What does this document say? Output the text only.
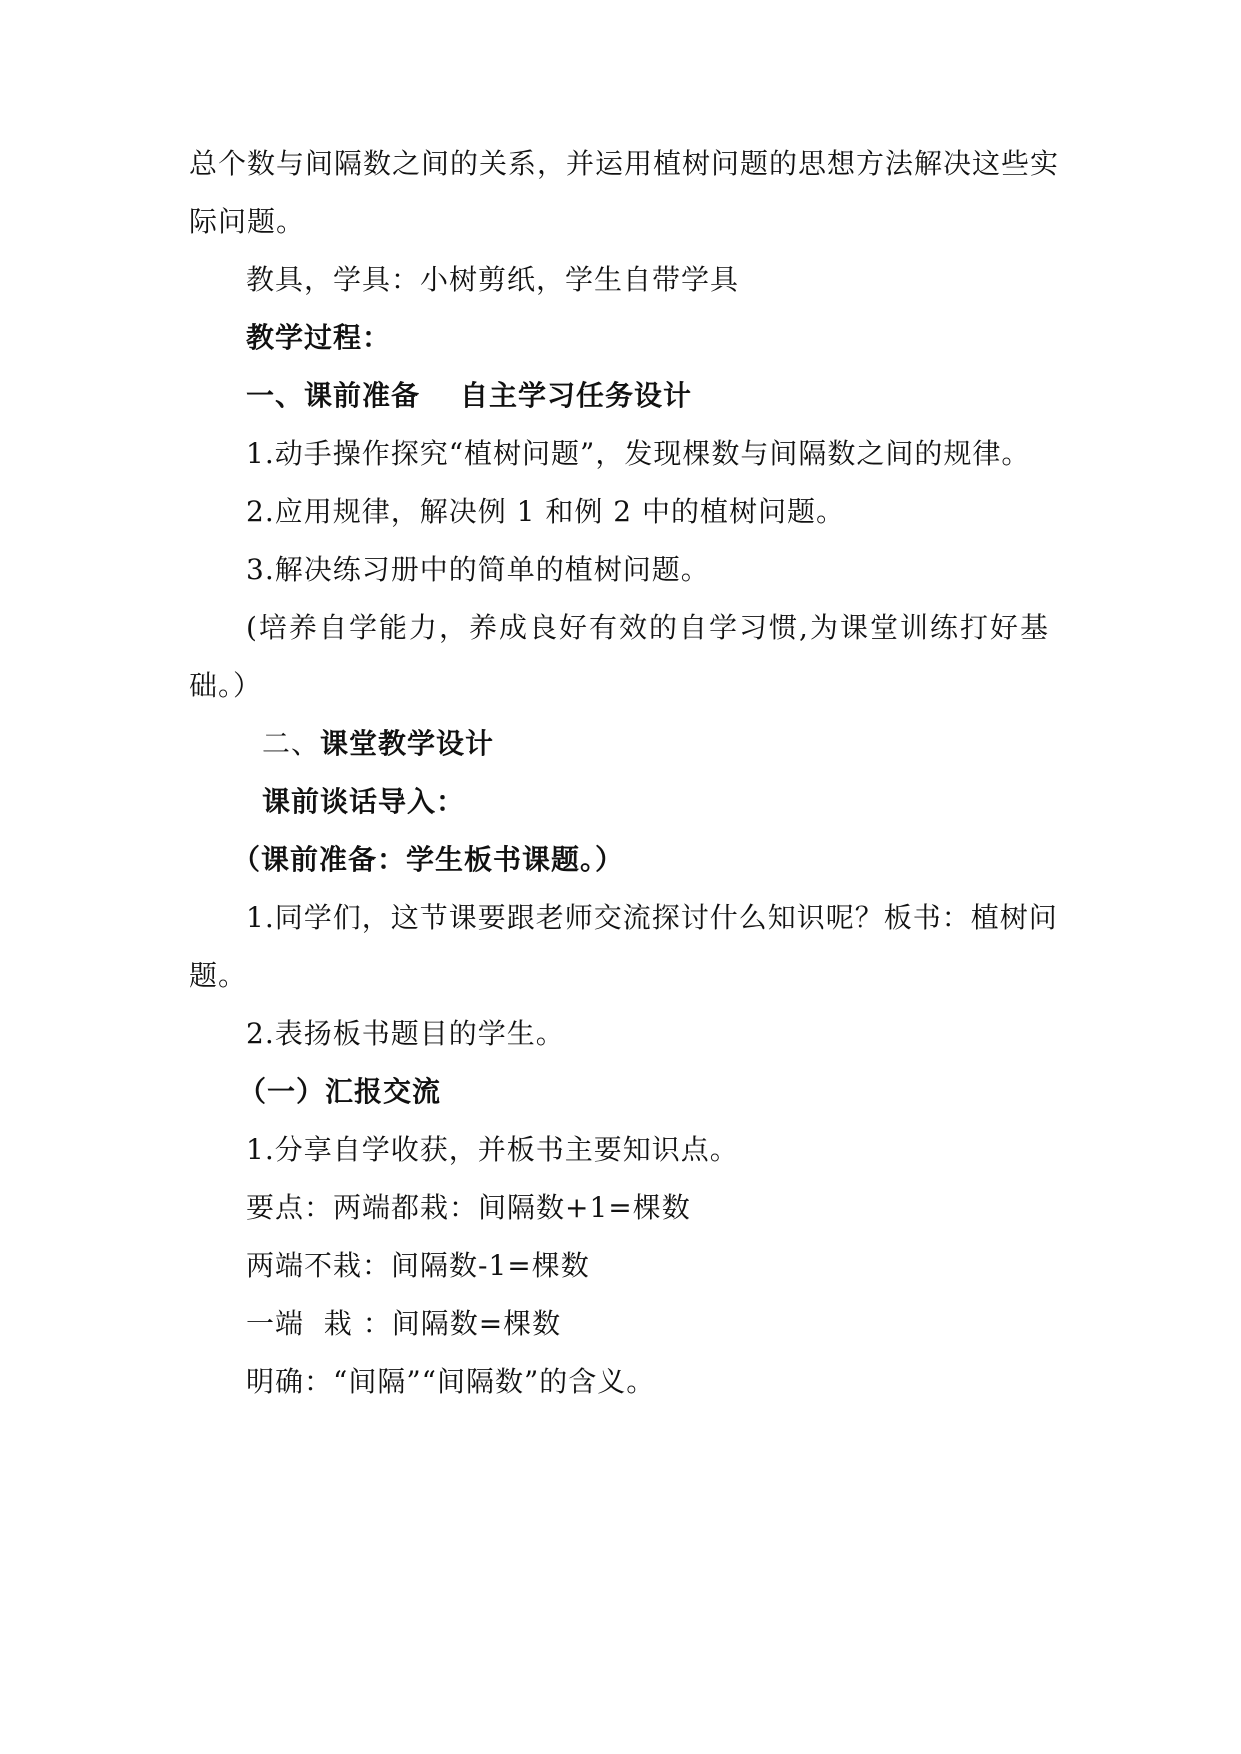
总个数与间隔数之间的关系，并运用植树问题的思想方法解决这些实
际问题。
教具，学具：小树剪纸，学生自带学具
教学过程：
一、课前准备 自主学习任务设计
1.动手操作探究“植树问题”，发现棵数与间隔数之间的规律。
2.应用规律，解决例 1 和例 2 中的植树问题。
3.解决练习册中的简单的植树问题。
(培养自学能力，养成良好有效的自学习惯,为课堂训练打好基
础。）
二、课堂教学设计
课前谈话导入：
（课前准备：学生板书课题。）
1.同学们，这节课要跟老师交流探讨什么知识呢？板书：植树问
题。
2.表扬板书题目的学生。
（一）汇报交流
1.分享自学收获，并板书主要知识点。
要点：两端都栽：间隔数+1=棵数
两端不栽：间隔数-1=棵数
一端  栽 ：间隔数=棵数
明确：“间隔”“间隔数”的含义。
